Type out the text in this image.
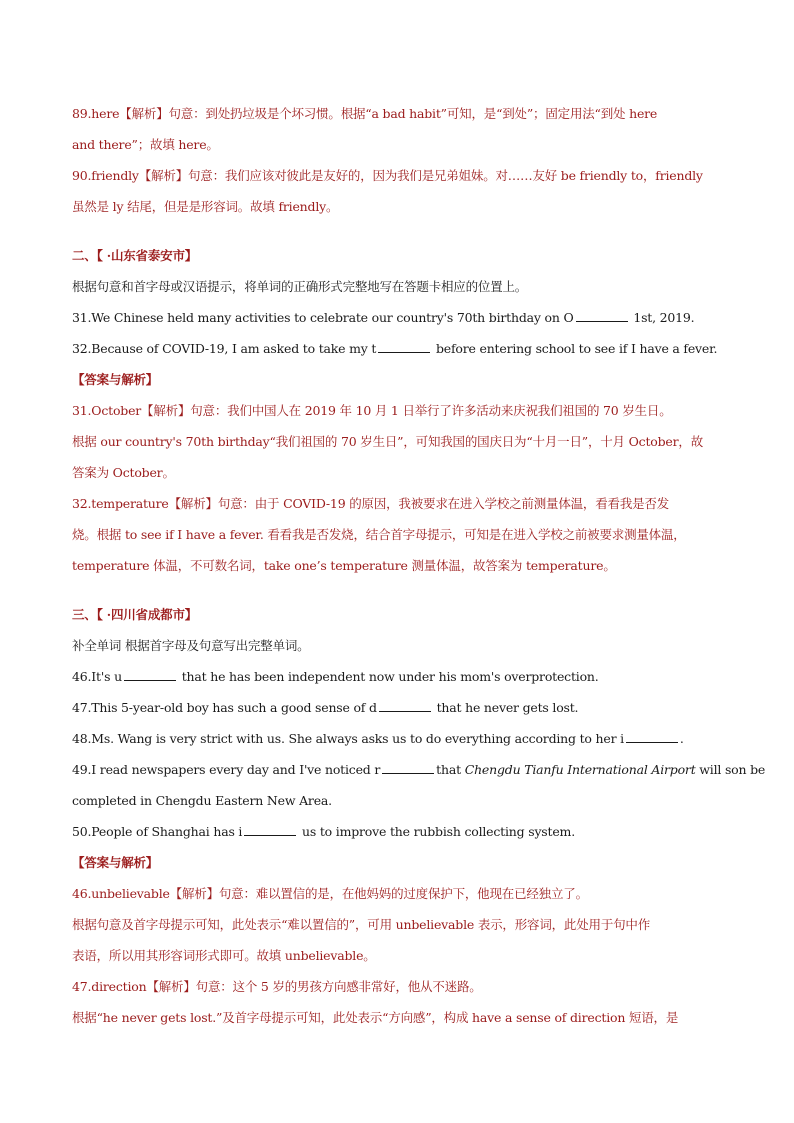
89.here【解析】句意：到处扔垃圾是个坏习惯。根据“a bad habit”可知，是“到处”；固定用法“到处 here
and there”；故填 here。
90.friendly【解析】句意：我们应该对彼此是友好的，因为我们是兄弟姐妹。对……友好 be friendly to，friendly
虽然是 ly 结尾，但是是形容词。故填 friendly。
二、【 ·山东省泰安市】
根据句意和首字母或汉语提示，将单词的正确形式完整地写在答题卡相应的位置上。
31.We Chinese held many activities to celebrate our country's 70th birthday on O	1st, 2019.
32.Because of COVID-19, I am asked to take my t	before entering school to see if I have a fever.
【答案与解析】
31.October【解析】句意：我们中国人在 2019 年 10 月 1 日举行了许多活动来庆祝我们祖国的 70 岁生日。
根据 our country's 70th birthday“我们祖国的 70 岁生日”，可知我国的国庆日为“十月一日”，十月 October，故
答案为 October。
32.temperature【解析】句意：由于 COVID-19 的原因，我被要求在进入学校之前测量体温，看看我是否发
烧。根据 to see if I have a fever. 看看我是否发烧，结合首字母提示，可知是在进入学校之前被要求测量体温，
temperature 体温，不可数名词，take one’s temperature 测量体温，故答案为 temperature。
三、【 ·四川省成都市】
补全单词 根据首字母及句意写出完整单词。
46.It's u	that he has been independent now under his mom's overprotection.
47.This 5-year-old boy has such a good sense of d	that he never gets lost.
48.Ms. Wang is very strict with us. She always asks us to do everything according to her i	.
49.I read newspapers every day and I've noticed r	that Chengdu Tianfu International Airport will son be
completed in Chengdu Eastern New Area.
50.People of Shanghai has i	us to improve the rubbish collecting system.
【答案与解析】
46.unbelievable【解析】句意：难以置信的是，在他妈妈的过度保护下，他现在已经独立了。
根据句意及首字母提示可知，此处表示“难以置信的”，可用 unbelievable 表示，形容词，此处用于句中作
表语，所以用其形容词形式即可。故填 unbelievable。
47.direction【解析】句意：这个 5 岁的男孩方向感非常好，他从不迷路。
根据“he never gets lost.”及首字母提示可知，此处表示“方向感”，构成 have a sense of direction 短语，是
